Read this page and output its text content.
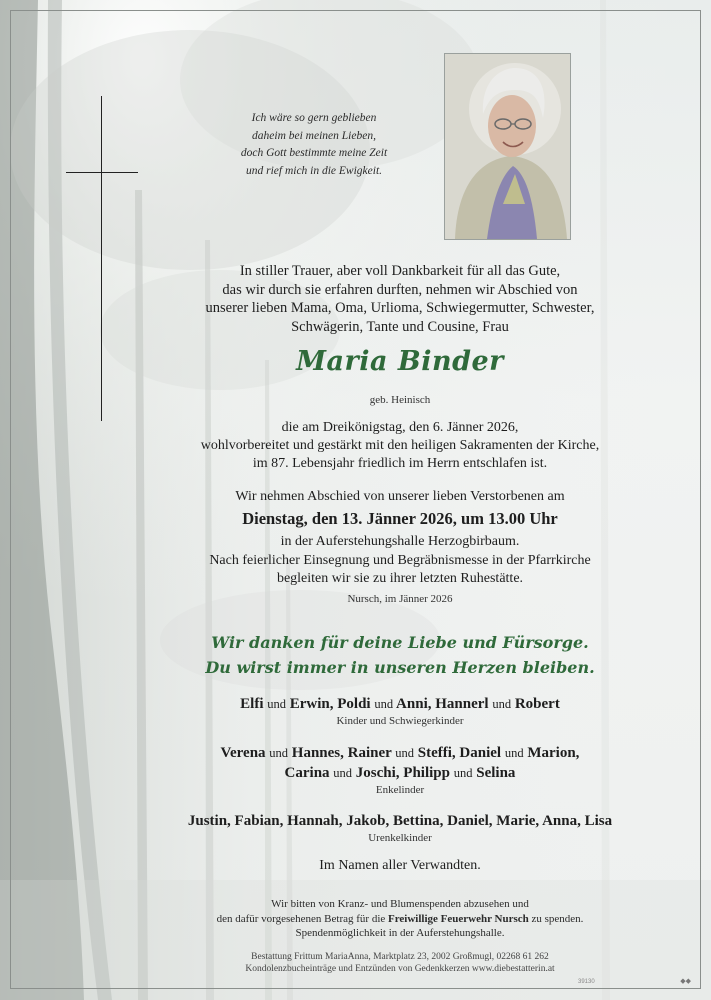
Ich wäre so gern geblieben
daheim bei meinen Lieben,
doch Gott bestimmte meine Zeit
und rief mich in die Ewigkeit.
In stiller Trauer, aber voll Dankbarkeit für all das Gute,
das wir durch sie erfahren durften, nehmen wir Abschied von
unserer lieben Mama, Oma, Urlioma, Schwiegermutter, Schwester,
Schwägerin, Tante und Cousine, Frau
Maria Binder
geb. Heinisch
die am Dreikönigstag, den 6. Jänner 2026,
wohlvorbereitet und gestärkt mit den heiligen Sakramenten der Kirche,
im 87. Lebensjahr friedlich im Herrn entschlafen ist.
Wir nehmen Abschied von unserer lieben Verstorbenen am
Dienstag, den 13. Jänner 2026, um 13.00 Uhr
in der Auferstehungshalle Herzogbirbaum.
Nach feierlicher Einsegnung und Begräbnismesse in der Pfarrkirche
begleiten wir sie zu ihrer letzten Ruhestätte.
Nursch, im Jänner 2026
Wir danken für deine Liebe und Fürsorge.
Du wirst immer in unseren Herzen bleiben.
Elfi und Erwin, Poldi und Anni, Hannerl und Robert
Kinder und Schwiegerkinder
Verena und Hannes, Rainer und Steffi, Daniel und Marion,
Carina und Joschi, Philipp und Selina
Enkelinder
Justin, Fabian, Hannah, Jakob, Bettina, Daniel, Marie, Anna, Lisa
Urenkelkinder
Im Namen aller Verwandten.
Wir bitten von Kranz- und Blumenspenden abzusehen und
den dafür vorgesehenen Betrag für die Freiwillige Feuerwehr Nursch zu spenden.
Spendenmöglichkeit in der Auferstehungshalle.
Bestattung Frittum MariaAnna, Marktplatz 23, 2002 Großmugl, 02268 61 262
Kondolenzbucheinträge und Entzünden von Gedenkkerzen www.diebestatterin.at
39130	◆◆
